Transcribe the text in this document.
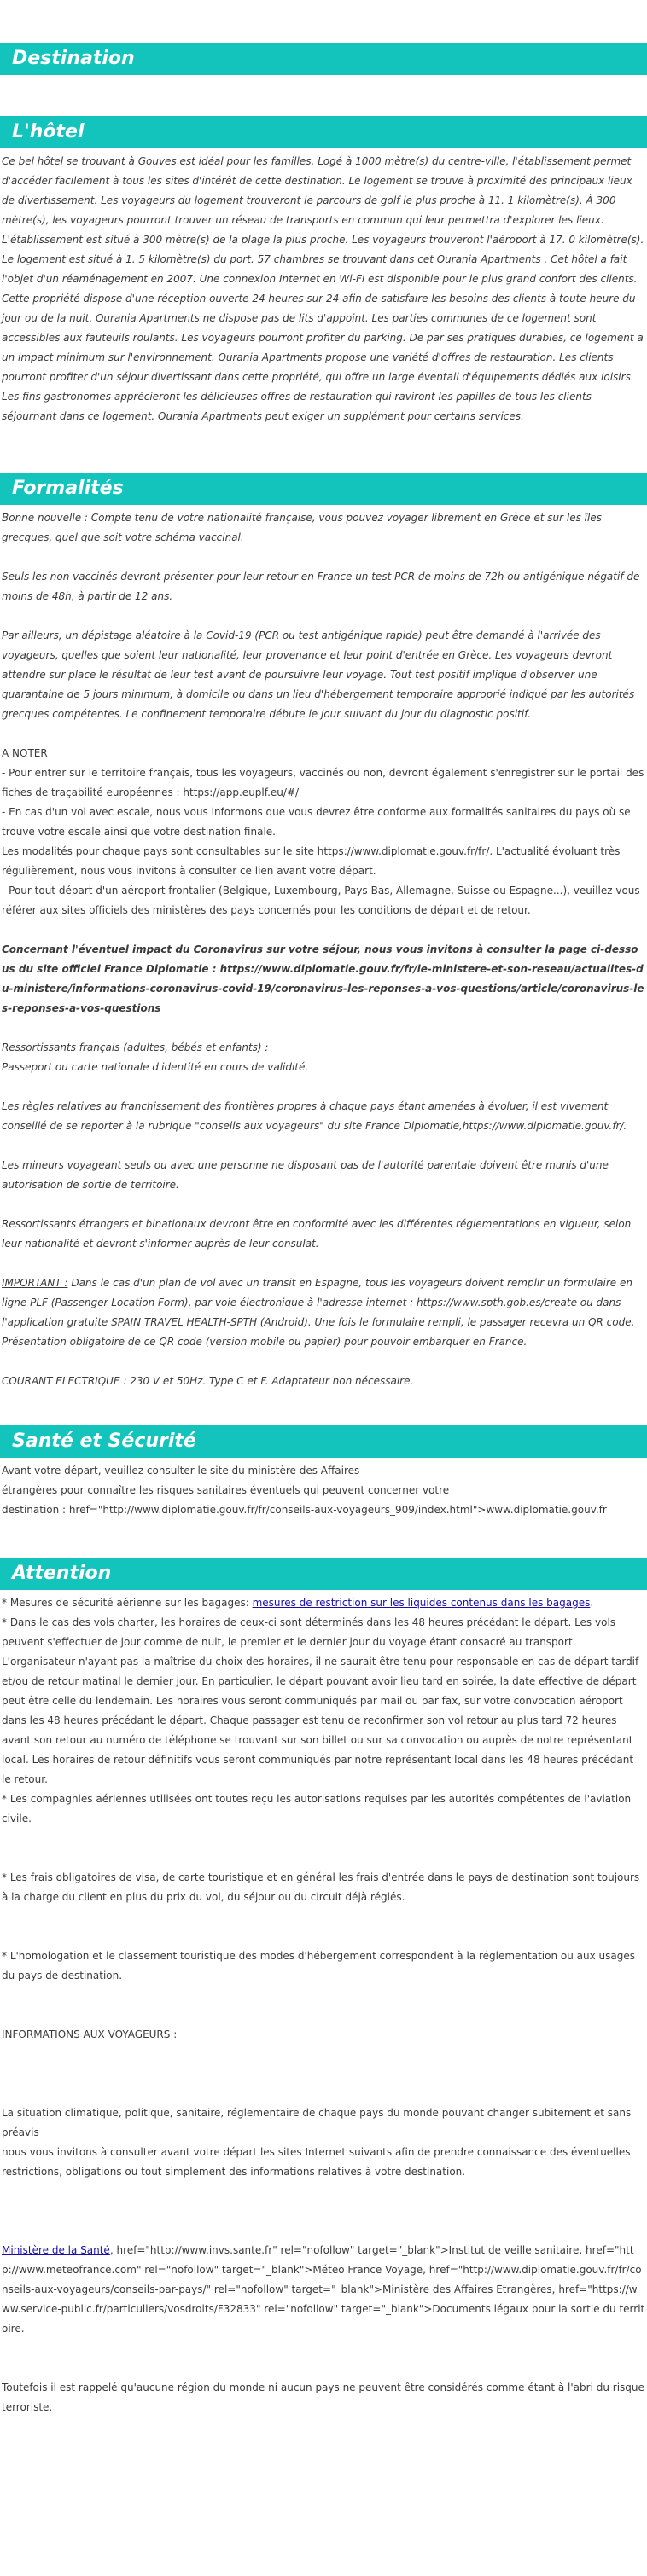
Destination
L'hôtel

Ce bel hôtel se trouvant à Gouves est idéal pour les familles. Logé à 1000 mètre(s) du centre-ville, l'établissement permet d'accéder facilement à tous les sites d'intérêt de cette destination. Le logement se trouve à proximité des principaux lieux de divertissement. Les voyageurs du logement trouveront le parcours de golf le plus proche à 11. 1 kilomètre(s). À 300 mètre(s), les voyageurs pourront trouver un réseau de transports en commun qui leur permettra d'explorer les lieux. L'établissement est situé à 300 mètre(s) de la plage la plus proche. Les voyageurs trouveront l'aéroport à 17. 0 kilomètre(s). Le logement est situé à 1. 5 kilomètre(s) du port. 57 chambres se trouvant dans cet Ourania Apartments . Cet hôtel a fait l'objet d'un réaménagement en 2007. Une connexion Internet en Wi-Fi est disponible pour le plus grand confort des clients. Cette propriété dispose d'une réception ouverte 24 heures sur 24 afin de satisfaire les besoins des clients à toute heure du jour ou de la nuit. Ourania Apartments ne dispose pas de lits d'appoint. Les parties communes de ce logement sont accessibles aux fauteuils roulants. Les voyageurs pourront profiter du parking. De par ses pratiques durables, ce logement a un impact minimum sur l'environnement. Ourania Apartments propose une variété d'offres de restauration. Les clients pourront profiter d'un séjour divertissant dans cette propriété, qui offre un large éventail d'équipements dédiés aux loisirs. Les fins gastronomes apprécieront les délicieuses offres de restauration qui raviront les papilles de tous les clients séjournant dans ce logement. Ourania Apartments peut exiger un supplément pour certains services.

Formalités

Bonne nouvelle : Compte tenu de votre nationalité française, vous pouvez voyager librement en Grèce et sur les îles grecques, quel que soit votre schéma vaccinal.

Seuls les non vaccinés devront présenter pour leur retour en France un test PCR de moins de 72h ou antigénique négatif de moins de 48h, à partir de 12 ans.

Par ailleurs, un dépistage aléatoire à la Covid-19 (PCR ou test antigénique rapide) peut être demandé à l'arrivée des voyageurs, quelles que soient leur nationalité, leur provenance et leur point d'entrée en Grèce. Les voyageurs devront attendre sur place le résultat de leur test avant de poursuivre leur voyage. Tout test positif implique d'observer une quarantaine de 5 jours minimum, à domicile ou dans un lieu d'hébergement temporaire approprié indiqué par les autorités grecques compétentes. Le confinement temporaire débute le jour suivant du jour du diagnostic positif.

A NOTER

- Pour entrer sur le territoire français, tous les voyageurs, vaccinés ou non, devront également s'enregistrer sur le portail des fiches de traçabilité européennes : https://app.euplf.eu/#/

- En cas d'un vol avec escale, nous vous informons que vous devrez être conforme aux formalités sanitaires du pays où se trouve votre escale ainsi que votre destination finale.

Les modalités pour chaque pays sont consultables sur le site https://www.diplomatie.gouv.fr/fr/. L'actualité évoluant très régulièrement, nous vous invitons à consulter ce lien avant votre départ.

- Pour tout départ d'un aéroport frontalier (Belgique, Luxembourg, Pays-Bas, Allemagne, Suisse ou Espagne...), veuillez vous référer aux sites officiels des ministères des pays concernés pour les conditions de départ et de retour.

Concernant l'éventuel impact du Coronavirus sur votre séjour, nous vous invitons à consulter la page ci-dessous du site officiel France Diplomatie : https://www.diplomatie.gouv.fr/fr/le-ministere-et-son-reseau/actualites-du-ministere/informations-coronavirus-covid-19/coronavirus-les-reponses-a-vos-questions/article/coronavirus-les-reponses-a-vos-questions

Ressortissants français (adultes, bébés et enfants) :

Passeport ou carte nationale d'identité en cours de validité.

Les règles relatives au franchissement des frontières propres à chaque pays étant amenées à évoluer, il est vivement conseillé de se reporter à la rubrique "conseils aux voyageurs" du site France Diplomatie,https://www.diplomatie.gouv.fr/.

Les mineurs voyageant seuls ou avec une personne ne disposant pas de l'autorité parentale doivent être munis d'une autorisation de sortie de territoire.

Ressortissants étrangers et binationaux devront être en conformité avec les différentes réglementations en vigueur, selon leur nationalité et devront s'informer auprès de leur consulat.

IMPORTANT : Dans le cas d'un plan de vol avec un transit en Espagne, tous les voyageurs doivent remplir un formulaire en ligne PLF (Passenger Location Form), par voie électronique à l'adresse internet : https://www.spth.gob.es/create ou dans l'application gratuite SPAIN TRAVEL HEALTH-SPTH (Android). Une fois le formulaire rempli, le passager recevra un QR code. Présentation obligatoire de ce QR code (version mobile ou papier) pour pouvoir embarquer en France.

COURANT ELECTRIQUE : 230 V et 50Hz. Type C et F. Adaptateur non nécessaire.

Santé et Sécurité

Avant votre départ, veuillez consulter le site du ministère des Affaires

étrangères pour connaître les risques sanitaires éventuels qui peuvent concerner votre

destination : href="http://www.diplomatie.gouv.fr/fr/conseils-aux-voyageurs_909/index.html">www.diplomatie.gouv.fr

Attention

* Mesures de sécurité aérienne sur les bagages: mesures de restriction sur les liquides contenus dans les bagages.

* Dans le cas des vols charter, les horaires de ceux-ci sont déterminés dans les 48 heures précédant le départ. Les vols peuvent s'effectuer de jour comme de nuit, le premier et le dernier jour du voyage étant consacré au transport. L'organisateur n'ayant pas la maîtrise du choix des horaires, il ne saurait être tenu pour responsable en cas de départ tardif et/ou de retour matinal le dernier jour. En particulier, le départ pouvant avoir lieu tard en soirée, la date effective de départ peut être celle du lendemain. Les horaires vous seront communiqués par mail ou par fax, sur votre convocation aéroport dans les 48 heures précédant le départ. Chaque passager est tenu de reconfirmer son vol retour au plus tard 72 heures avant son retour au numéro de téléphone se trouvant sur son billet ou sur sa convocation ou auprès de notre représentant local. Les horaires de retour définitifs vous seront communiqués par notre représentant local dans les 48 heures précédant le retour.

* Les compagnies aériennes utilisées ont toutes reçu les autorisations requises par les autorités compétentes de l'aviation civile.

* Les frais obligatoires de visa, de carte touristique et en général les frais d'entrée dans le pays de destination sont toujours à la charge du client en plus du prix du vol, du séjour ou du circuit déjà réglés.

* L'homologation et le classement touristique des modes d'hébergement correspondent à la réglementation ou aux usages du pays de destination.

INFORMATIONS AUX VOYAGEURS :

La situation climatique, politique, sanitaire, réglementaire de chaque pays du monde pouvant changer subitement et sans préavis

nous vous invitons à consulter avant votre départ les sites Internet suivants afin de prendre connaissance des éventuelles restrictions, obligations ou tout simplement des informations relatives à votre destination.

Ministère de la Santé, href="http://www.invs.sante.fr" rel="nofollow" target="_blank">Institut de veille sanitaire, href="http://www.meteofrance.com" rel="nofollow" target="_blank">Méteo France Voyage, href="http://www.diplomatie.gouv.fr/fr/conseils-aux-voyageurs/conseils-par-pays/" rel="nofollow" target="_blank">Ministère des Affaires Etrangères, href="https://www.service-public.fr/particuliers/vosdroits/F32833" rel="nofollow" target="_blank">Documents légaux pour la sortie du territoire.

Toutefois il est rappelé qu'aucune région du monde ni aucun pays ne peuvent être considérés comme étant à l'abri du risque terroriste.
